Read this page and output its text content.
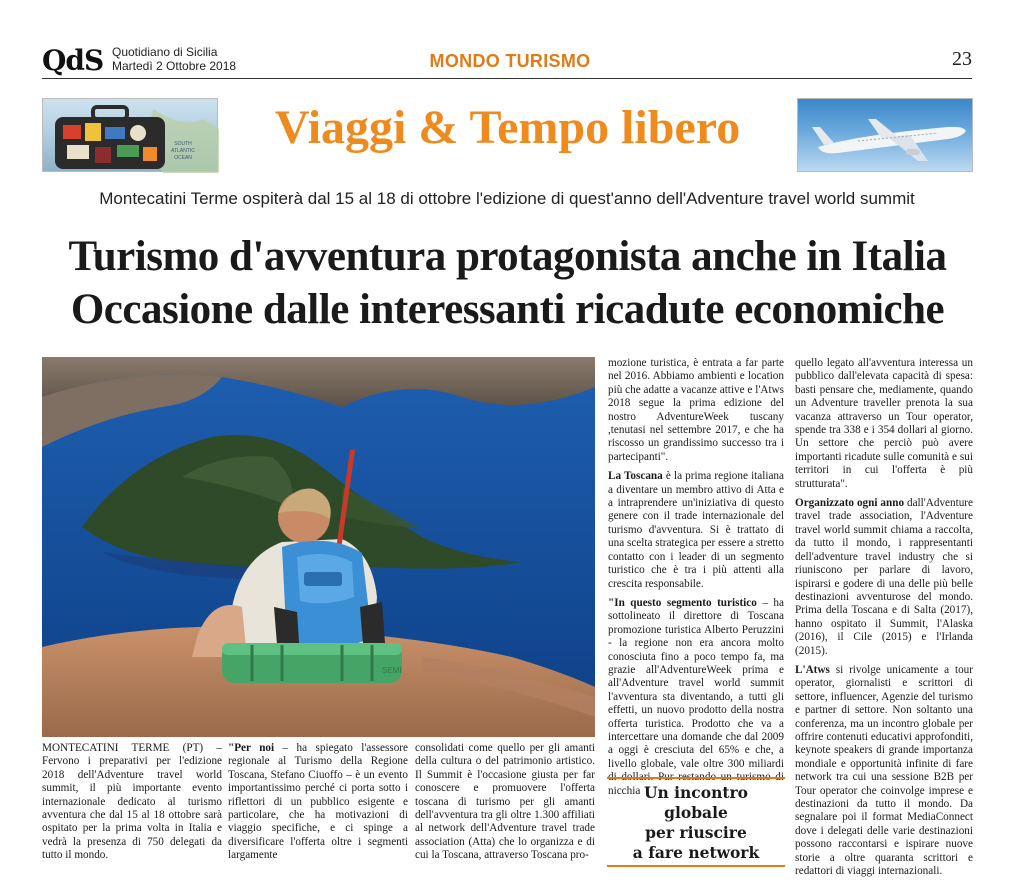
QdS Quotidiano di Sicilia
Martedì 2 Ottobre 2018	MONDO TURISMO	23
SOUTH
ATLANTIC
OCEAN
Viaggi & Tempo libero
Montecatini Terme ospiterà dal 15 al 18 di ottobre l'edizione di quest'anno dell'Adventure travel world summit
Turismo d'avventura protagonista anche in Italia
Occasione dalle interessanti ricadute economiche
SEMI

MONTECATINI TERME (PT) – Fervono i preparativi per l'edizione 2018 dell'Adventure travel world summit, il più importante evento internazionale dedicato al turismo avventura che dal 15 al 18 ottobre sarà ospitato per la prima volta in Italia e vedrà la presenza di 750 delegati da tutto il mondo.

"Per noi – ha spiegato l'assessore regionale al Turismo della Regione Toscana, Stefano Ciuoffo – è un evento importantissimo perché ci porta sotto i riflettori di un pubblico esigente e particolare, che ha motivazioni di viaggio specifiche, e ci spinge a diversificare l'offerta oltre i segmenti largamente

consolidati come quello per gli amanti della cultura o del patrimonio artistico. Il Summit è l'occasione giusta per far conoscere e promuovere l'offerta toscana di turismo per gli amanti dell'avventura tra gli oltre 1.300 affiliati al network dell'Adventure travel trade association (Atta) che lo organizza e di cui la Toscana, attraverso Toscana pro-

mozione turistica, è entrata a far parte nel 2016. Abbiamo ambienti e location più che adatte a vacanze attive e l'Atws 2018 segue la prima edizione del nostro AdventureWeek tuscany ,tenutasi nel settembre 2017, e che ha riscosso un grandissimo successo tra i partecipanti".

La Toscana è la prima regione italiana a diventare un membro attivo di Atta e a intraprendere un'iniziativa di questo genere con il trade internazionale del turismo d'avventura. Si è trattato di una scelta strategica per essere a stretto contatto con i leader di un segmento turistico che è tra i più attenti alla crescita responsabile.

"In questo segmento turistico – ha sottolineato il direttore di Toscana promozione turistica Alberto Peruzzini - la regione non era ancora molto conosciuta fino a poco tempo fa, ma grazie all'AdventureWeek prima e all'Adventure travel world summit l'avventura sta diventando, a tutti gli effetti, un nuovo prodotto della nostra offerta turistica. Prodotto che va a intercettare una domande che dal 2009 a oggi è cresciuta del 65% e che, a livello globale, vale oltre 300 miliardi di dollari. Pur restando un turismo di nicchia Un incontro
globale
per riuscire
a fare network

quello legato all'avventura interessa un pubblico dall'elevata capacità di spesa: basti pensare che, mediamente, quando un Adventure traveller prenota la sua vacanza attraverso un Tour operator, spende tra 338 e i 354 dollari al giorno. Un settore che perciò può avere importanti ricadute sulle comunità e sui territori in cui l'offerta è più strutturata".

Organizzato ogni anno dall'Adventure travel trade association, l'Adventure travel world summit chiama a raccolta, da tutto il mondo, i rappresentanti dell'adventure travel industry che si riuniscono per parlare di lavoro, ispirarsi e godere di una delle più belle destinazioni avventurose del mondo. Prima della Toscana e di Salta (2017), hanno ospitato il Summit, l'Alaska (2016), il Cile (2015) e l'Irlanda (2015).

L'Atws si rivolge unicamente a tour operator, giornalisti e scrittori di settore, influencer, Agenzie del turismo e partner di settore. Non soltanto una conferenza, ma un incontro globale per offrire contenuti educativi approfonditi, keynote speakers di grande importanza mondiale e opportunità infinite di fare network tra cui una sessione B2B per Tour operator che coinvolge imprese e destinazioni da tutto il mondo. Da segnalare poi il format MediaConnect dove i delegati delle varie destinazioni possono raccontarsi e ispirare nuove storie a oltre quaranta scrittori e redattori di viaggi internazionali.
